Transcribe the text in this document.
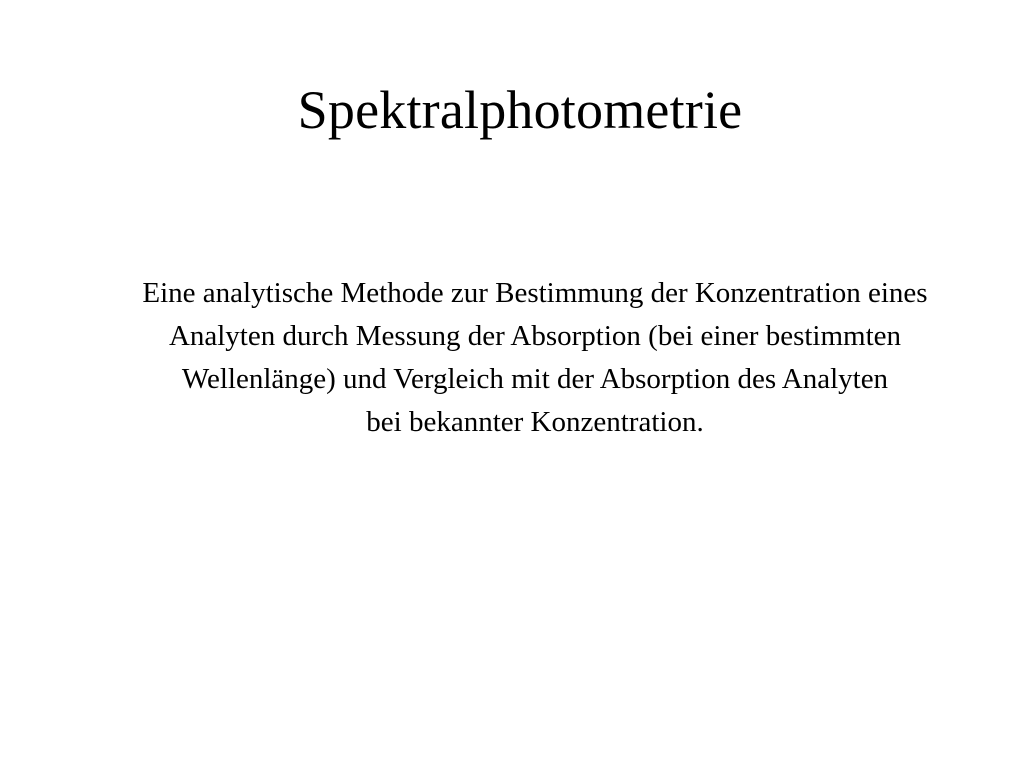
Spektralphotometrie
Eine analytische Methode zur Bestimmung der Konzentration eines
Analyten durch Messung der Absorption (bei einer bestimmten
Wellenlänge) und Vergleich mit der Absorption des Analyten
bei bekannter Konzentration.
